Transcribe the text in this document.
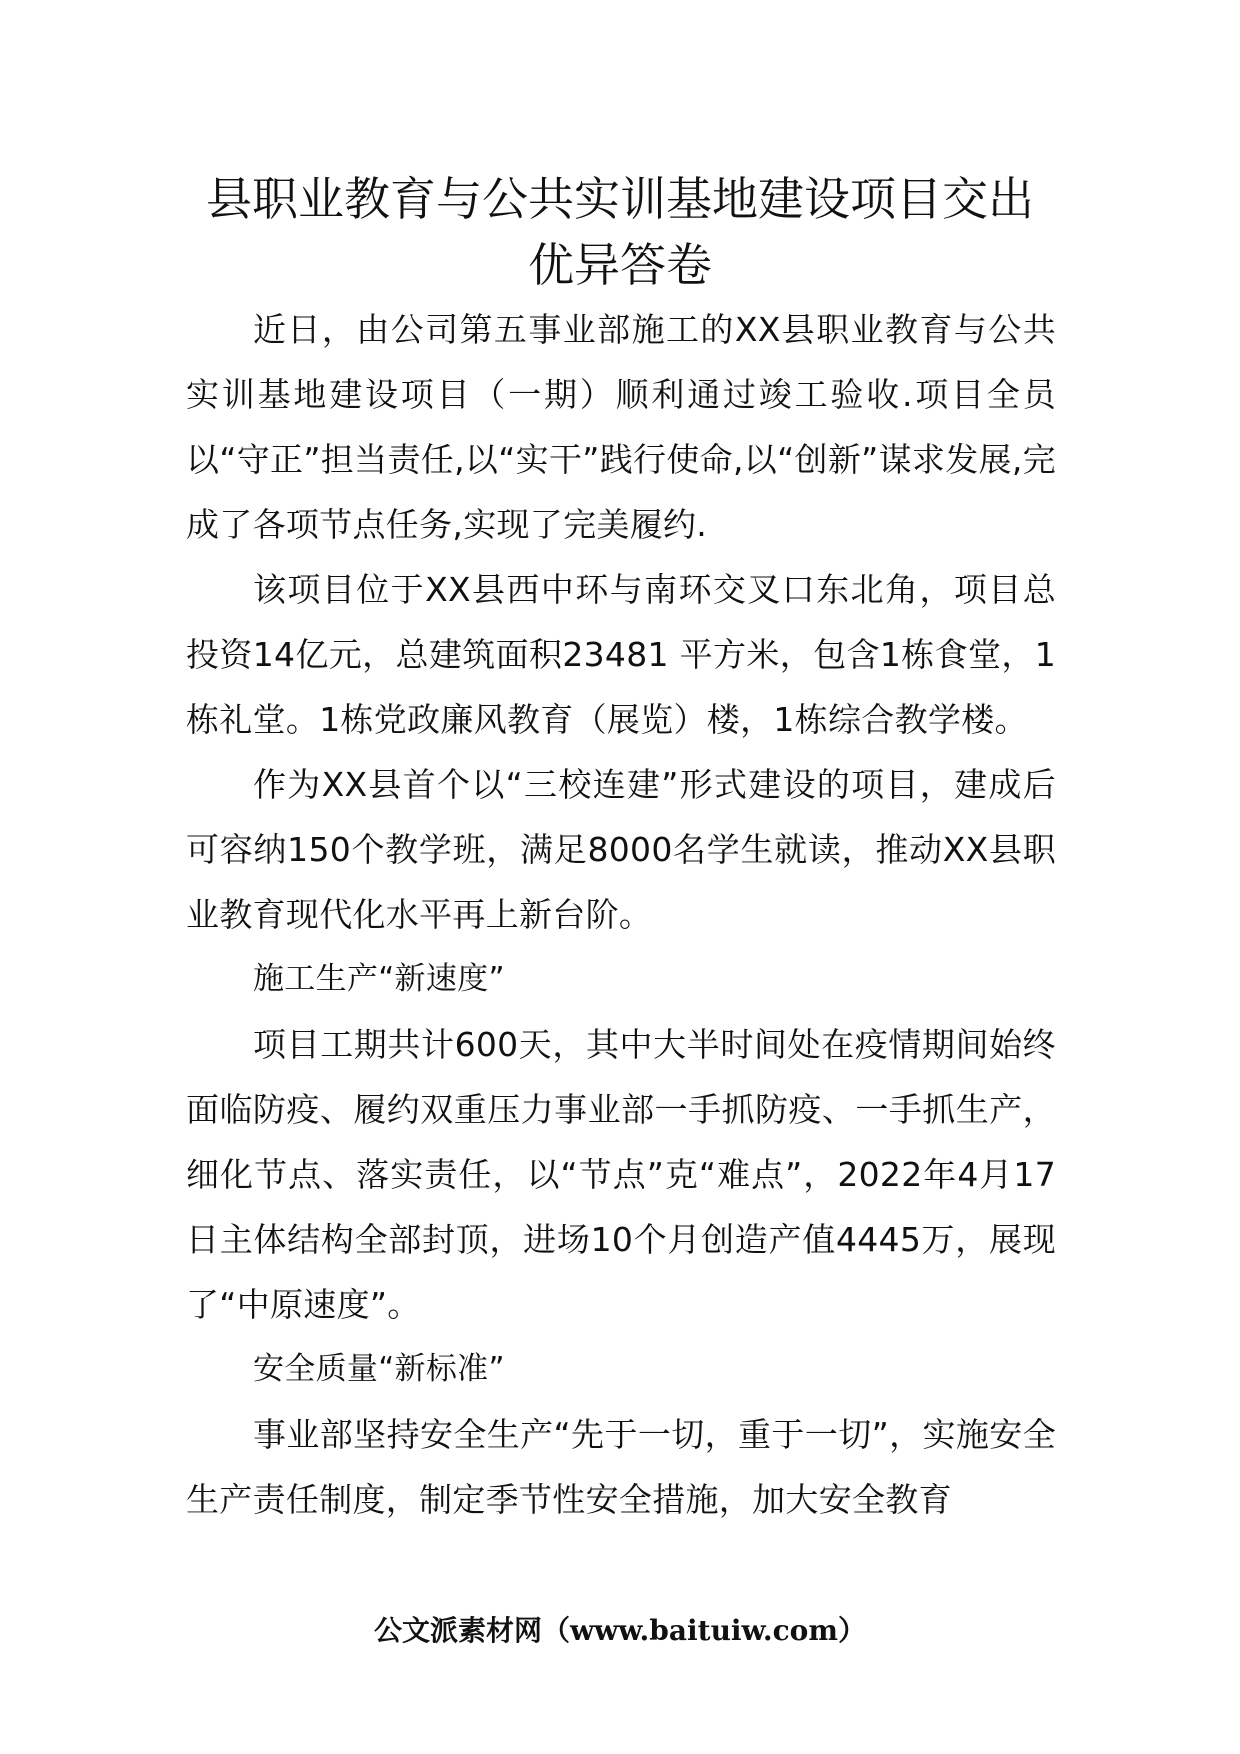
县职业教育与公共实训基地建设项目交出
优异答卷

近日，由公司第五事业部施工的XX县职业教育与公共实训基地建设项目（一期）顺利通过竣工验收.项目全员以“守正”担当责任,以“实干”践行使命,以“创新”谋求发展,完成了各项节点任务,实现了完美履约.

该项目位于XX县西中环与南环交叉口东北角，项目总投资14亿元，总建筑面积23481 平方米，包含1栋食堂，1栋礼堂。1栋党政廉风教育（展览）楼，1栋综合教学楼。

作为XX县首个以“三校连建”形式建设的项目，建成后可容纳150个教学班，满足8000名学生就读，推动XX县职业教育现代化水平再上新台阶。

施工生产“新速度”

项目工期共计600天，其中大半时间处在疫情期间始终面临防疫、履约双重压力事业部一手抓防疫、一手抓生产，细化节点、落实责任，以“节点”克“难点”，2022年4月17日主体结构全部封顶，进场10个月创造产值4445万，展现了“中原速度”。

安全质量“新标准”

事业部坚持安全生产“先于一切，重于一切”，实施安全生产责任制度，制定季节性安全措施，加大安全教育

公文派素材网（www.baituiw.com）
